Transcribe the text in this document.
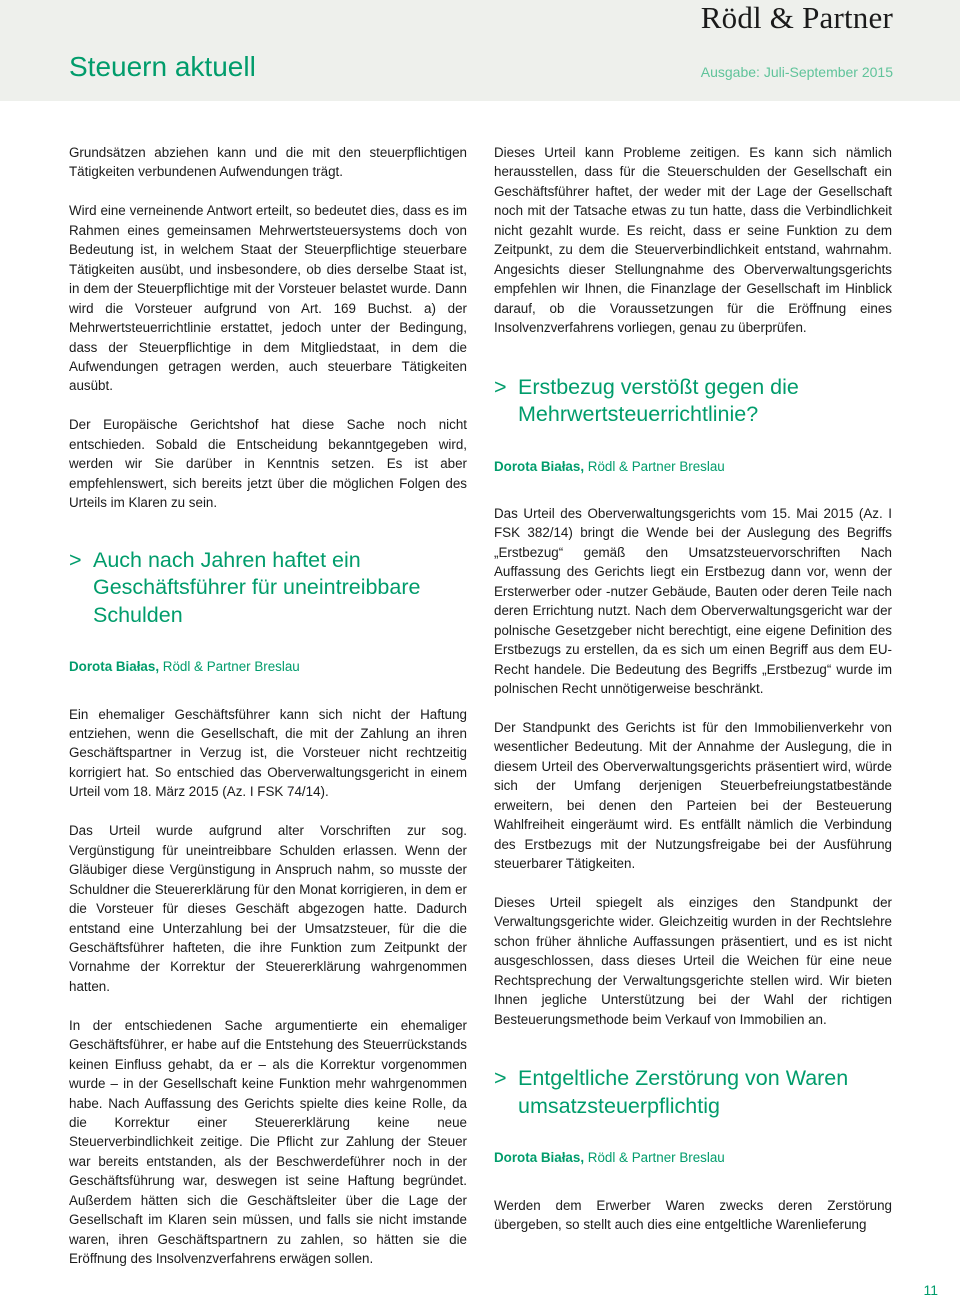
Rödl & Partner
Steuern aktuell	Ausgabe: Juli-September 2015

Grundsätzen abziehen kann und die mit den steuerpflichtigen Tätigkeiten verbundenen Aufwendungen trägt.

Wird eine verneinende Antwort erteilt, so bedeutet dies, dass es im Rahmen eines gemeinsamen Mehrwertsteuersystems doch von Bedeutung ist, in welchem Staat der Steuerpflichtige steuerbare Tätigkeiten ausübt, und insbesondere, ob dies derselbe Staat ist, in dem der Steuerpflichtige mit der Vorsteuer belastet wurde. Dann wird die Vorsteuer aufgrund von Art. 169 Buchst. a) der Mehrwertsteuerrichtlinie erstattet, jedoch unter der Bedingung, dass der Steuerpflichtige in dem Mitgliedstaat, in dem die Aufwendungen getragen werden, auch steuerbare Tätigkeiten ausübt.

Der Europäische Gerichtshof hat diese Sache noch nicht entschieden. Sobald die Entscheidung bekanntgegeben wird, werden wir Sie darüber in Kenntnis setzen. Es ist aber empfehlenswert, sich bereits jetzt über die möglichen Folgen des Urteils im Klaren zu sein.

> Auch nach Jahren haftet ein Geschäftsführer für uneintreibbare Schulden
Dorota Białas, Rödl & Partner Breslau

Ein ehemaliger Geschäftsführer kann sich nicht der Haftung entziehen, wenn die Gesellschaft, die mit der Zahlung an ihren Geschäftspartner in Verzug ist, die Vorsteuer nicht rechtzeitig korrigiert hat. So entschied das Oberverwaltungsgericht in einem Urteil vom 18. März 2015 (Az. I FSK 74/14).

Das Urteil wurde aufgrund alter Vorschriften zur sog. Vergünstigung für uneintreibbare Schulden erlassen. Wenn der Gläubiger diese Vergünstigung in Anspruch nahm, so musste der Schuldner die Steuererklärung für den Monat korrigieren, in dem er die Vorsteuer für dieses Geschäft abgezogen hatte. Dadurch entstand eine Unterzahlung bei der Umsatzsteuer, für die die Geschäftsführer hafteten, die ihre Funktion zum Zeitpunkt der Vornahme der Korrektur der Steuererklärung wahrgenommen hatten.

In der entschiedenen Sache argumentierte ein ehemaliger Geschäftsführer, er habe auf die Entstehung des Steuerrückstands keinen Einfluss gehabt, da er – als die Korrektur vorgenommen wurde – in der Gesellschaft keine Funktion mehr wahrgenommen habe. Nach Auffassung des Gerichts spielte dies keine Rolle, da die Korrektur einer Steuererklärung keine neue Steuerverbindlichkeit zeitige. Die Pflicht zur Zahlung der Steuer war bereits entstanden, als der Beschwerdeführer noch in der Geschäftsführung war, deswegen ist seine Haftung begründet. Außerdem hätten sich die Geschäftsleiter über die Lage der Gesellschaft im Klaren sein müssen, und falls sie nicht imstande waren, ihren Geschäftspartnern zu zahlen, so hätten sie die Eröffnung des Insolvenzverfahrens erwägen sollen.

Dieses Urteil kann Probleme zeitigen. Es kann sich nämlich herausstellen, dass für die Steuerschulden der Gesellschaft ein Geschäftsführer haftet, der weder mit der Lage der Gesellschaft noch mit der Tatsache etwas zu tun hatte, dass die Verbindlichkeit nicht gezahlt wurde. Es reicht, dass er seine Funktion zu dem Zeitpunkt, zu dem die Steuerverbindlichkeit entstand, wahrnahm. Angesichts dieser Stellungnahme des Oberverwaltungsgerichts empfehlen wir Ihnen, die Finanzlage der Gesellschaft im Hinblick darauf, ob die Voraussetzungen für die Eröffnung eines Insolvenzverfahrens vorliegen, genau zu überprüfen.

> Erstbezug verstößt gegen die Mehrwertsteuerrichtlinie?
Dorota Białas, Rödl & Partner Breslau

Das Urteil des Oberverwaltungsgerichts vom 15. Mai 2015 (Az. I FSK 382/14) bringt die Wende bei der Auslegung des Begriffs „Erstbezug“ gemäß den Umsatzsteuervorschriften Nach Auffassung des Gerichts liegt ein Erstbezug dann vor, wenn der Ersterwerber oder -nutzer Gebäude, Bauten oder deren Teile nach deren Errichtung nutzt. Nach dem Oberverwaltungsgericht war der polnische Gesetzgeber nicht berechtigt, eine eigene Definition des Erstbezugs zu erstellen, da es sich um einen Begriff aus dem EU-Recht handele. Die Bedeutung des Begriffs „Erstbezug“ wurde im polnischen Recht unnötigerweise beschränkt.

Der Standpunkt des Gerichts ist für den Immobilienverkehr von wesentlicher Bedeutung. Mit der Annahme der Auslegung, die in diesem Urteil des Oberverwaltungsgerichts präsentiert wird, würde sich der Umfang derjenigen Steuerbefreiungstatbestände erweitern, bei denen den Parteien bei der Besteuerung Wahlfreiheit eingeräumt wird. Es entfällt nämlich die Verbindung des Erstbezugs mit der Nutzungsfreigabe bei der Ausführung steuerbarer Tätigkeiten.

Dieses Urteil spiegelt als einziges den Standpunkt der Verwaltungsgerichte wider. Gleichzeitig wurden in der Rechtslehre schon früher ähnliche Auffassungen präsentiert, und es ist nicht ausgeschlossen, dass dieses Urteil die Weichen für eine neue Rechtsprechung der Verwaltungsgerichte stellen wird. Wir bieten Ihnen jegliche Unterstützung bei der Wahl der richtigen Besteuerungsmethode beim Verkauf von Immobilien an.

> Entgeltliche Zerstörung von Waren umsatzsteuerpflichtig
Dorota Białas, Rödl & Partner Breslau

Werden dem Erwerber Waren zwecks deren Zerstörung übergeben, so stellt auch dies eine entgeltliche Warenlieferung

11
